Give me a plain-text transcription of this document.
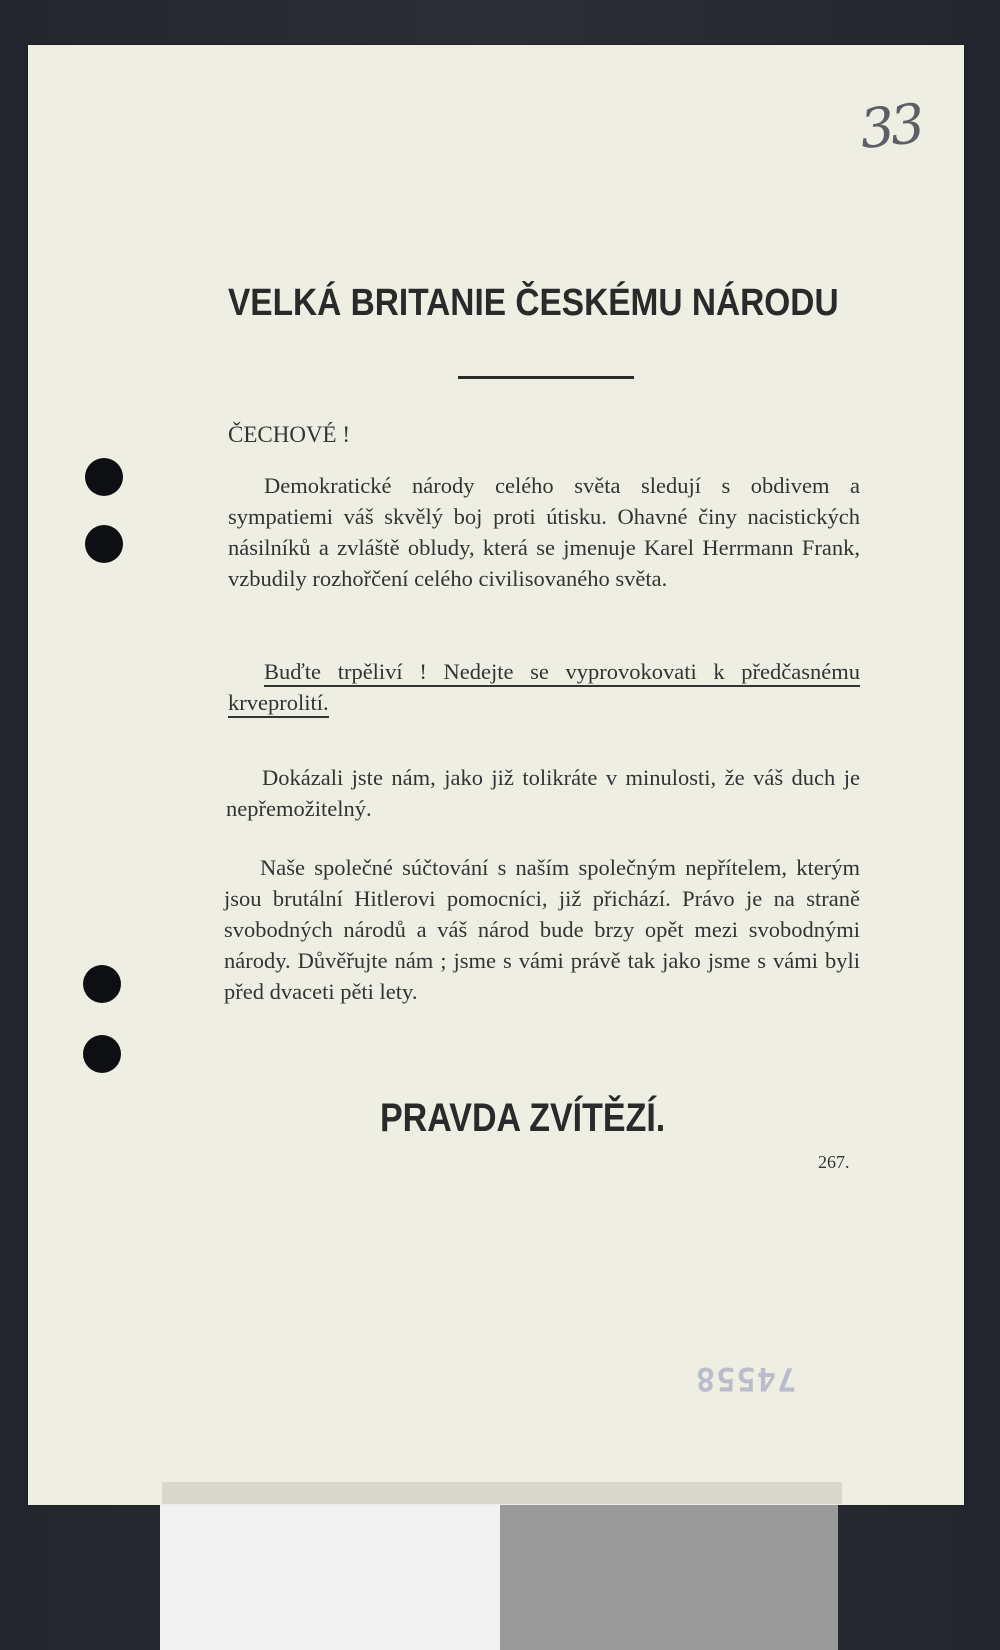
33
VELKÁ BRITANIE ČESKÉMU NÁRODU
ČECHOVÉ !
Demokratické národy celého světa sledují s obdivem a sympatiemi váš skvělý boj proti útisku. Ohavné činy nacistických násilníků a zvláště obludy, která se jmenuje Karel Herrmann Frank, vzbudily rozhořčení celého civilisovaného světa.
Buďte trpěliví ! Nedejte se vyprovokovati k předčasnému krveprolití.
Dokázali jste nám, jako již tolikráte v minulosti, že váš duch je nepřemožitelný.
Naše společné súčtování s naším společným nepřítelem, kterým jsou brutální Hitlerovi pomocníci, již přichází. Právo je na straně svobodných národů a váš národ bude brzy opět mezi svobodnými národy. Důvěřujte nám ; jsme s vámi právě tak jako jsme s vámi byli před dvaceti pěti lety.
PRAVDA ZVÍTĚZÍ.
267.
74558
